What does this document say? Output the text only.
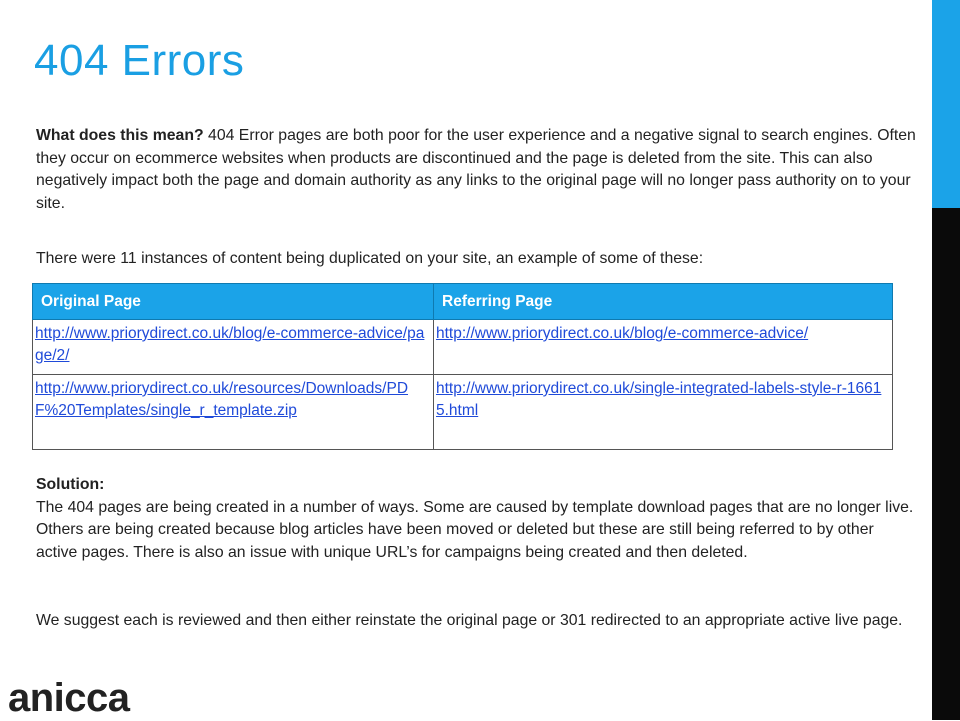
404 Errors
What does this mean? 404 Error pages are both poor for the user experience and a negative signal to search engines. Often they occur on ecommerce websites when products are discontinued and the page is deleted from the site. This can also negatively impact both the page and domain authority as any links to the original page will no longer pass authority on to your site.
There were 11 instances of content being duplicated on your site, an example of some of these:
Original Page	Referring Page
http://www.priorydirect.co.uk/blog/e-commerce-advice/page/2/	http://www.priorydirect.co.uk/blog/e-commerce-advice/
http://www.priorydirect.co.uk/resources/Downloads/PDF%20Templates/single_r_template.zip	http://www.priorydirect.co.uk/single-integrated-labels-style-r-16615.html
Solution:
The 404 pages are being created in a number of ways. Some are caused by template download pages that are no longer live. Others are being created because blog articles have been moved or deleted but these are still being referred to by other active pages. There is also an issue with unique URL’s for campaigns being created and then deleted.
We suggest each is reviewed and then either reinstate the original page or 301 redirected to an appropriate active live page.
anicca
